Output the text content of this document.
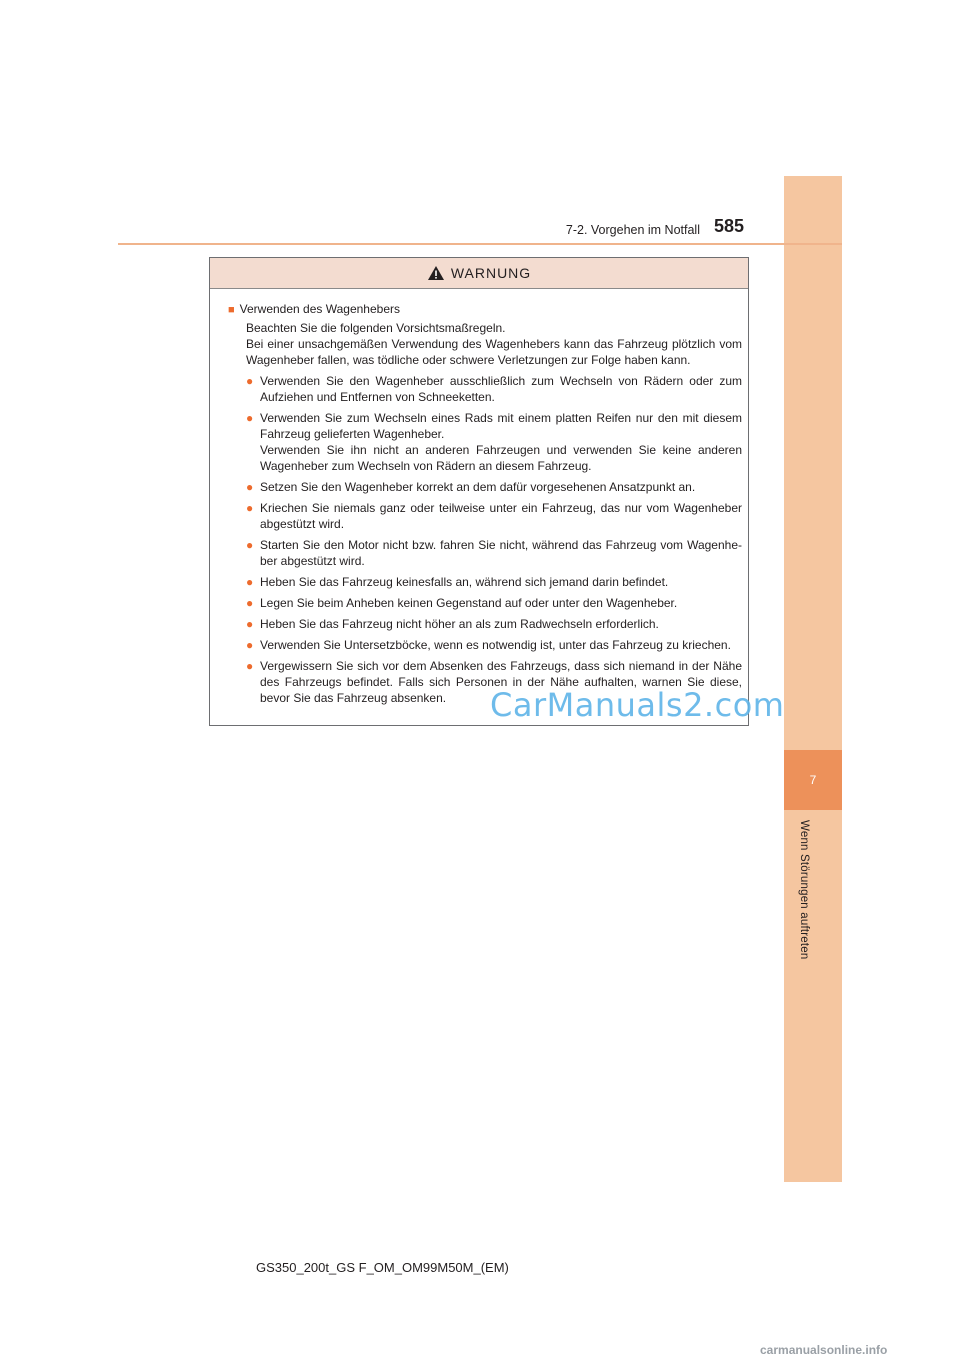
7
Wenn Störungen auftreten
7-2. Vorgehen im Notfall 585
WARNUNG
■ Verwenden des Wagenhebers

Beachten Sie die folgenden Vorsichtsmaßregeln.

Bei einer unsachgemäßen Verwendung des Wagenhebers kann das Fahrzeug plötzlich vom Wagenheber fallen, was tödliche oder schwere Verletzungen zur Folge haben kann.

● Verwenden Sie den Wagenheber ausschließlich zum Wechseln von Rädern oder zum Aufziehen und Entfernen von Schneeketten.
● Verwenden Sie zum Wechseln eines Rads mit einem platten Reifen nur den mit diesem Fahrzeug gelieferten Wagenheber.
Verwenden Sie ihn nicht an anderen Fahrzeugen und verwenden Sie keine anderen Wagenheber zum Wechseln von Rädern an diesem Fahrzeug.
● Setzen Sie den Wagenheber korrekt an dem dafür vorgesehenen Ansatzpunkt an.
● Kriechen Sie niemals ganz oder teilweise unter ein Fahrzeug, das nur vom Wagenheber abgestützt wird.
● Starten Sie den Motor nicht bzw. fahren Sie nicht, während das Fahrzeug vom Wagenhe-ber abgestützt wird.
● Heben Sie das Fahrzeug keinesfalls an, während sich jemand darin befindet.
● Legen Sie beim Anheben keinen Gegenstand auf oder unter den Wagenheber.
● Heben Sie das Fahrzeug nicht höher an als zum Radwechseln erforderlich.
● Verwenden Sie Untersetzböcke, wenn es notwendig ist, unter das Fahrzeug zu kriechen.
● Vergewissern Sie sich vor dem Absenken des Fahrzeugs, dass sich niemand in der Nähe des Fahrzeugs befindet. Falls sich Personen in der Nähe aufhalten, warnen Sie diese, bevor Sie das Fahrzeug absenken.	CarManuals2.com
GS350_200t_GS F_OM_OM99M50M_(EM)
carmanualsonline.info
